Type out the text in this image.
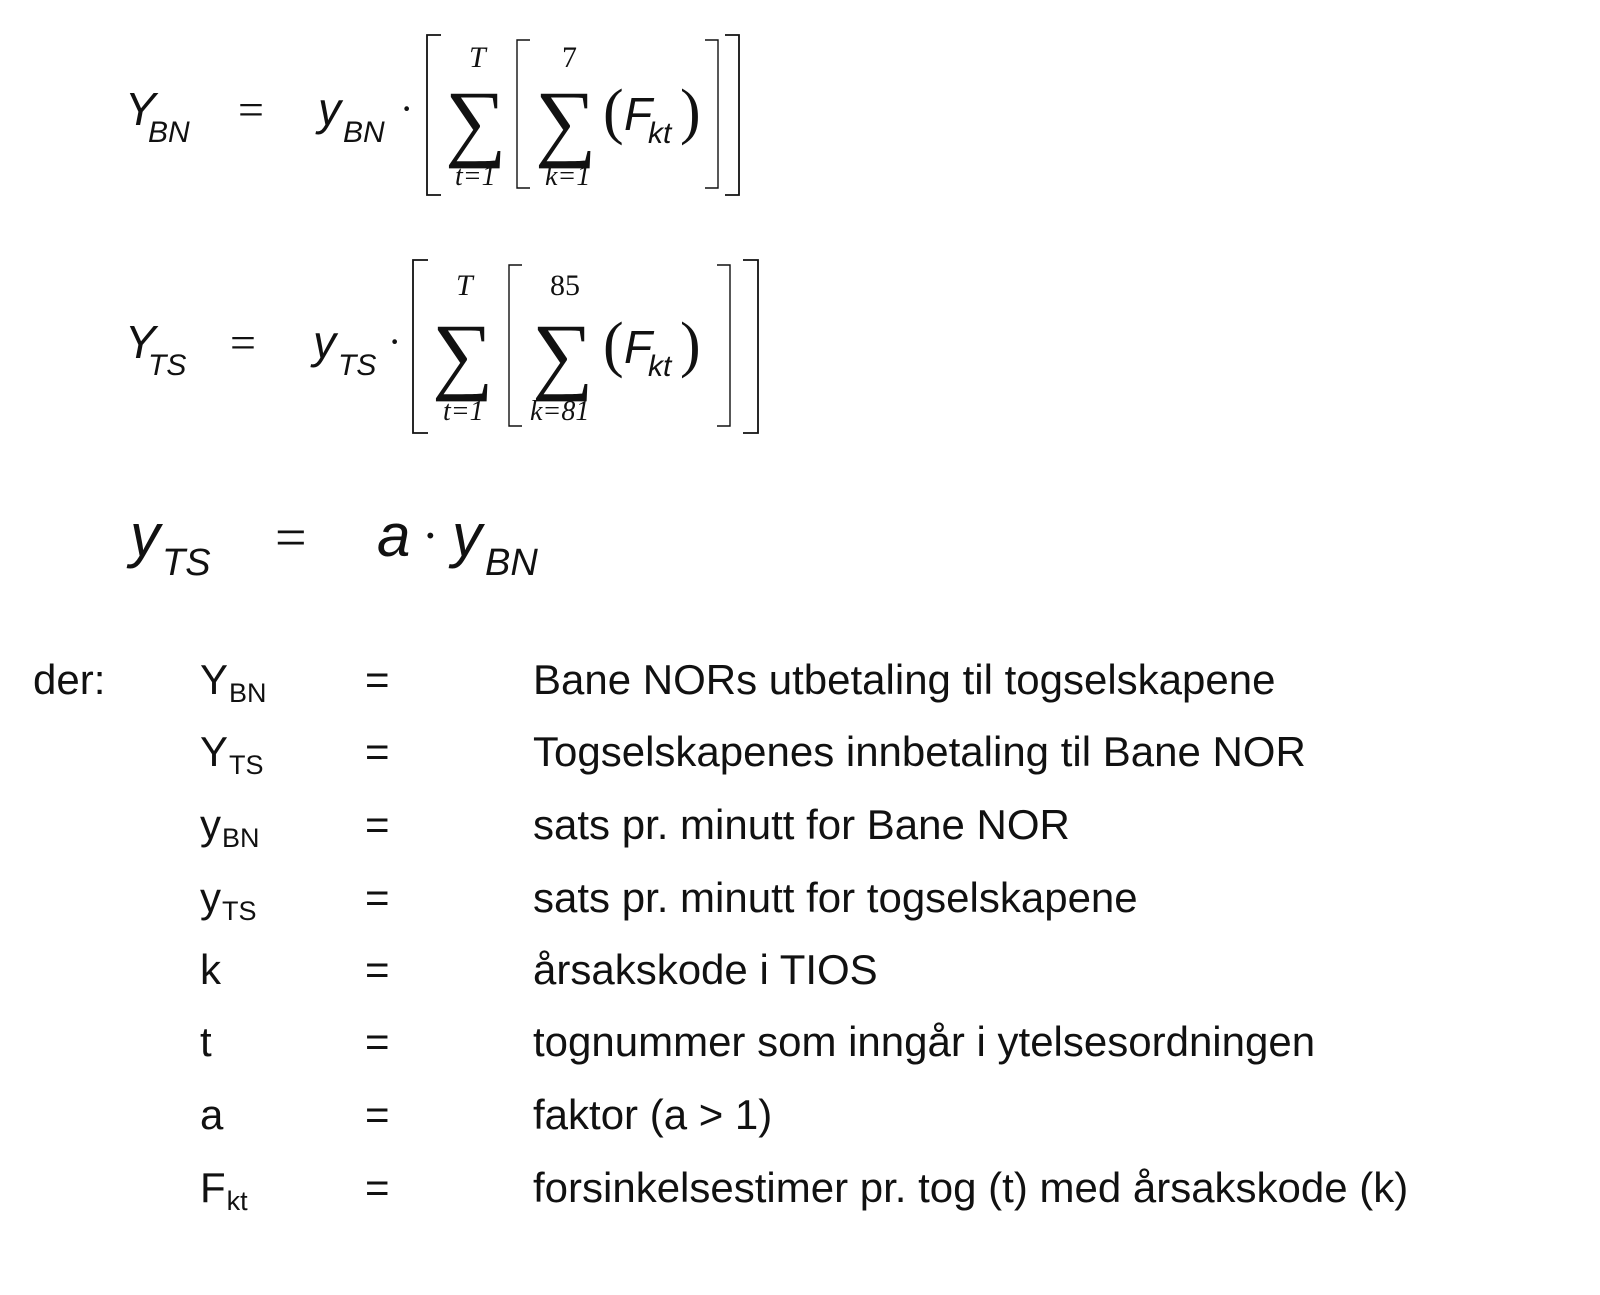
Y
BN = y BN
·
T
∑
t=1
7
∑
k=1
( F
kt )
Y
TS = y TS
·
T
∑
t=1
85
∑
k=81
( F
kt )
y TS = a · y BN
der: $Y_{BN}$ =	Bane NORs utbetaling til togselskapene
$Y_{TS}$ =	Togselskapenes innbetaling til Bane NOR
$y_{BN}$	=	sats pr. minutt for Bane NOR
$y_{TS}$	=	sats pr. minutt for togselskapene
k	=	årsakskode i TIOS
t	=	tognummer som inngår i ytelsesordningen
a	=	faktor (a > 1)
$F_{kt}$	=	forsinkelsestimer pr. tog (t) med årsakskode (k)
